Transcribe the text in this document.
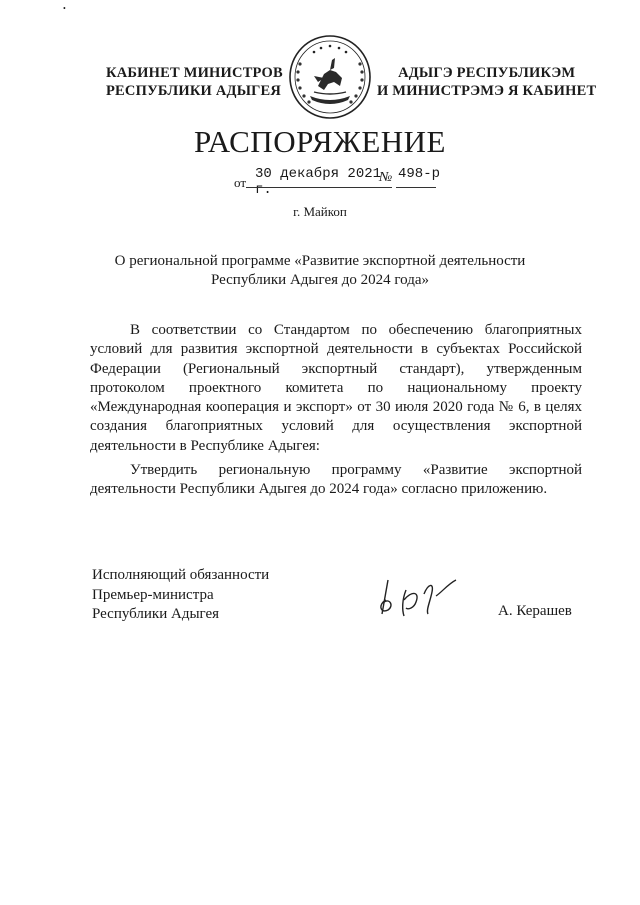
•
КАБИНЕТ МИНИСТРОВ
РЕСПУБЛИКИ АДЫГЕЯ
АДЫГЭ РЕСПУБЛИКЭМ
И МИНИСТРЭМЭ Я КАБИНЕТ
РАСПОРЯЖЕНИЕ
от
30 декабря 2021 г.
№ 498-р
г. Майкоп
О региональной программе «Развитие экспортной деятельности
Республики Адыгея до 2024 года»
В соответствии со Стандартом по обеспечению благоприятных условий для развития экспортной деятельности в субъектах Российской Федерации (Региональный экспортный стандарт), утвержденным протоколом проектного комитета по национальному проекту «Международная кооперация и экспорт» от 30 июля 2020 года № 6, в целях создания благоприятных условий для осуществления экспортной деятельности в Республике Адыгея:
Утвердить региональную программу «Развитие экспортной деятельности Республики Адыгея до 2024 года» согласно приложению.
Исполняющий обязанности
Премьер-министра
Республики Адыгея	А. Керашев
